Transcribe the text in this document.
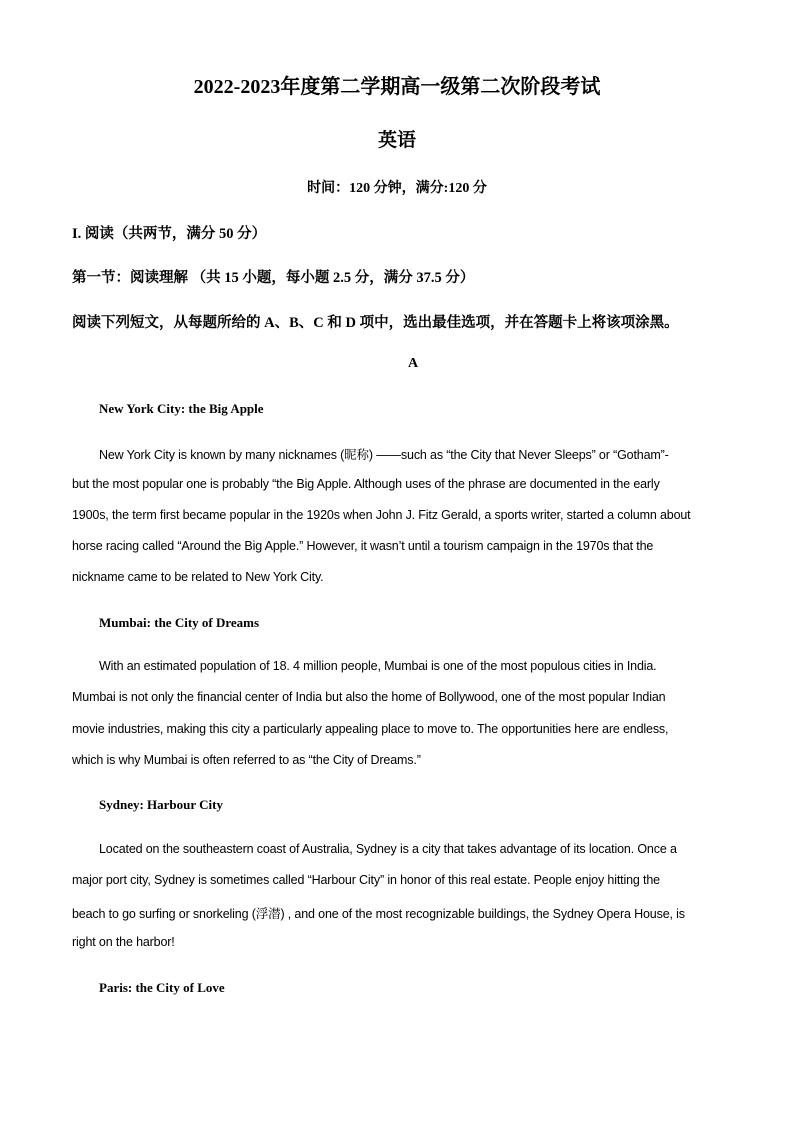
2022-2023年度第二学期高一级第二次阶段考试
英语
时间：120 分钟，满分:120 分
I. 阅读（共两节，满分 50 分）
第一节：阅读理解 （共 15 小题，每小题 2.5 分，满分 37.5 分）
阅读下列短文，从每题所给的 A、B、C 和 D 项中，选出最佳选项，并在答题卡上将该项涂黑。
A
New York City: the Big Apple
New York City is known by many nicknames (昵称) ——such as “the City that Never Sleeps” or “Gotham”-
but the most popular one is probably “the Big Apple. Although uses of the phrase are documented in the early
1900s, the term first became popular in the 1920s when John J. Fitz Gerald, a sports writer, started a column about
horse racing called “Around the Big Apple.” However, it wasn’t until a tourism campaign in the 1970s that the
nickname came to be related to New York City.
Mumbai: the City of Dreams
With an estimated population of 18. 4 million people, Mumbai is one of the most populous cities in India.
Mumbai is not only the financial center of India but also the home of Bollywood, one of the most popular Indian
movie industries, making this city a particularly appealing place to move to. The opportunities here are endless,
which is why Mumbai is often referred to as “the City of Dreams.”
Sydney: Harbour City
Located on the southeastern coast of Australia, Sydney is a city that takes advantage of its location. Once a
major port city, Sydney is sometimes called “Harbour City” in honor of this real estate. People enjoy hitting the
beach to go surfing or snorkeling (浮潜) , and one of the most recognizable buildings, the Sydney Opera House, is
right on the harbor!
Paris: the City of Love
